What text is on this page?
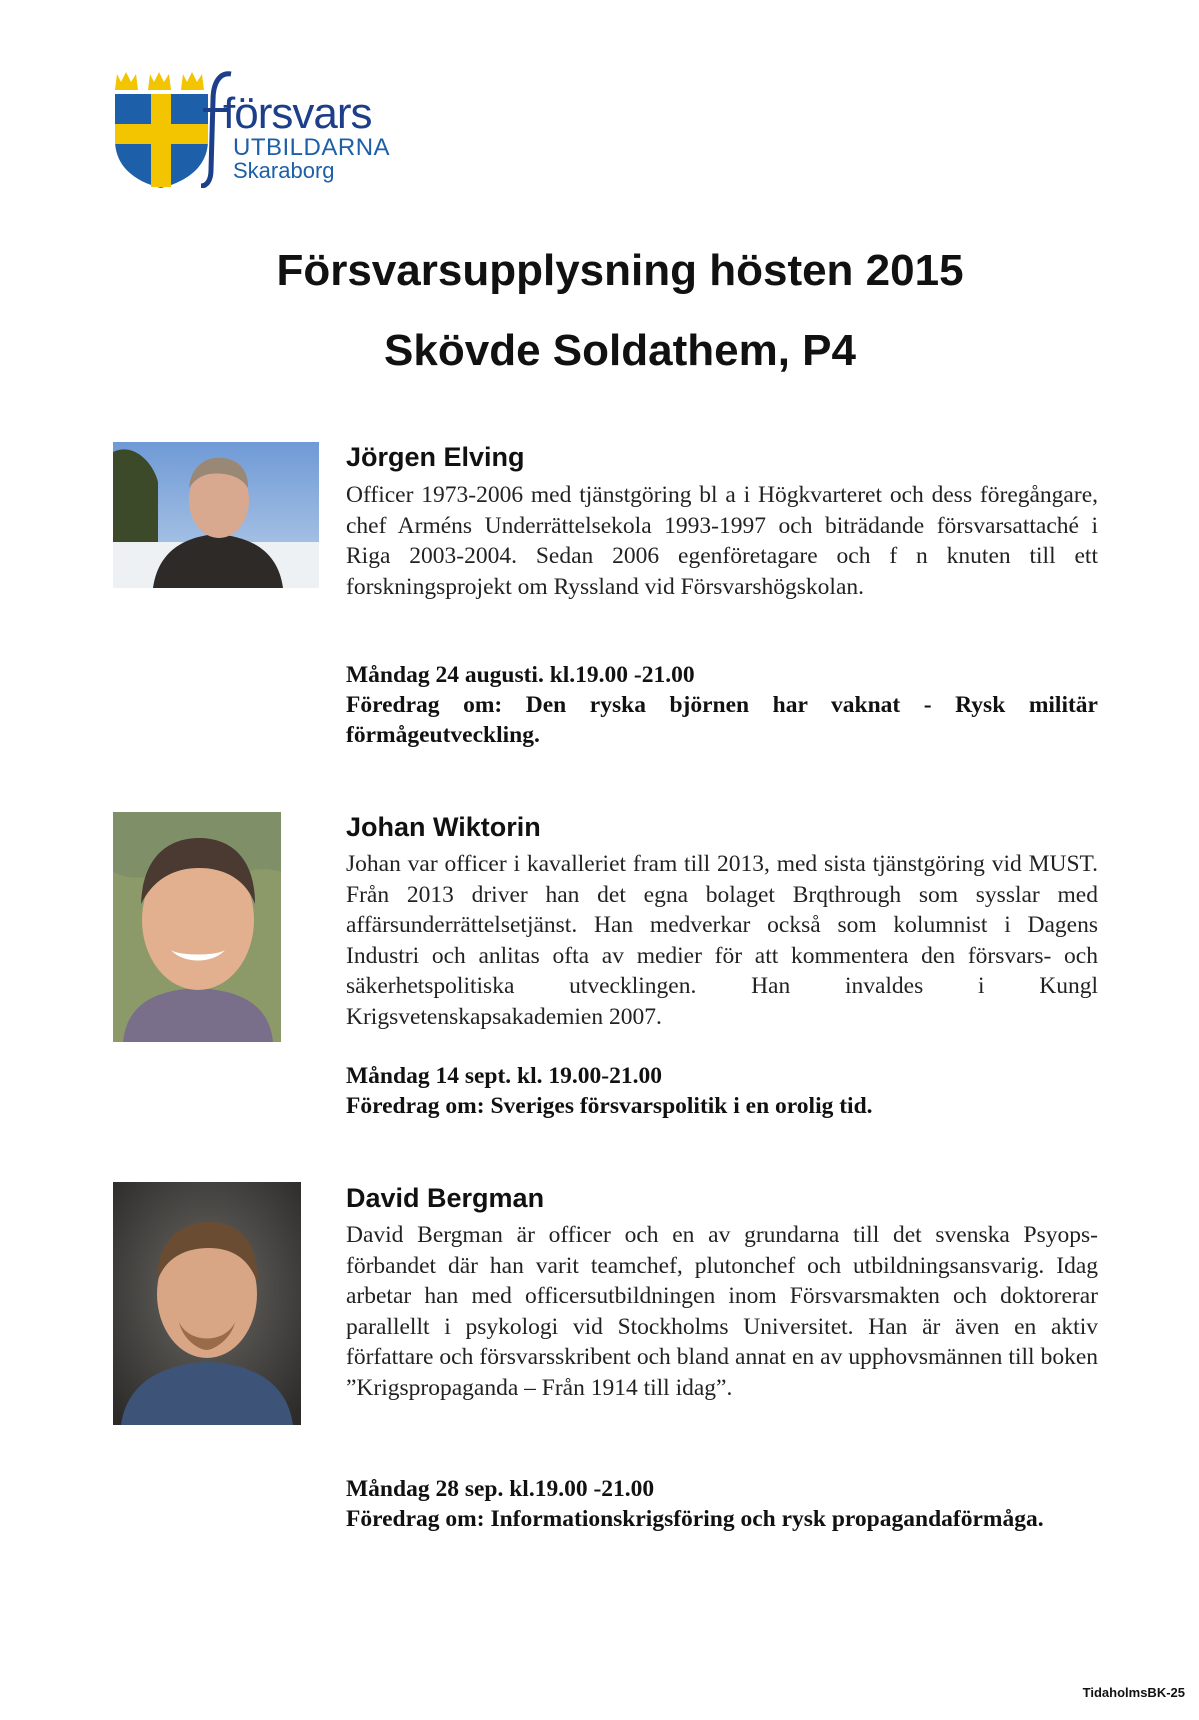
försvars
UTBILDARNA
Skaraborg
Försvarsupplysning hösten 2015
Skövde Soldathem, P4
Jörgen Elving
Officer 1973-2006 med tjänstgöring bl a i Högkvarteret och dess föregångare, chef Arméns Underrättelsekola 1993-1997 och biträdande försvarsattaché i Riga 2003-2004. Sedan 2006 egenföretagare och f n knuten till ett forskningsprojekt om Ryssland vid Försvarshögskolan.
Måndag 24 augusti. kl.19.00 -21.00
Föredrag om: Den ryska björnen har vaknat - Rysk militär förmågeutveckling.
Johan Wiktorin
Johan var officer i kavalleriet fram till 2013, med sista tjänstgöring vid MUST. Från 2013 driver han det egna bolaget Brqthrough som sysslar med affärsunderrättelsetjänst. Han medverkar också som kolumnist i Dagens Industri och anlitas ofta av medier för att kommentera den försvars- och säkerhetspolitiska utvecklingen. Han invaldes i Kungl Krigsvetenskapsakademien 2007.
Måndag 14 sept. kl. 19.00-21.00
Föredrag om: Sveriges försvarspolitik i en orolig tid.
David Bergman
David Bergman är officer och en av grundarna till det svenska Psyops-förbandet där han varit teamchef, plutonchef och utbildningsansvarig. Idag arbetar han med officersutbildningen inom Försvarsmakten och doktorerar parallellt i psykologi vid Stockholms Universitet. Han är även en aktiv författare och försvarsskribent och bland annat en av upphovsmännen till boken ”Krigspropaganda – Från 1914 till idag”.
Måndag 28 sep. kl.19.00 -21.00
Föredrag om: Informationskrigsföring och rysk propagandaförmåga.
TidaholmsBK-25
